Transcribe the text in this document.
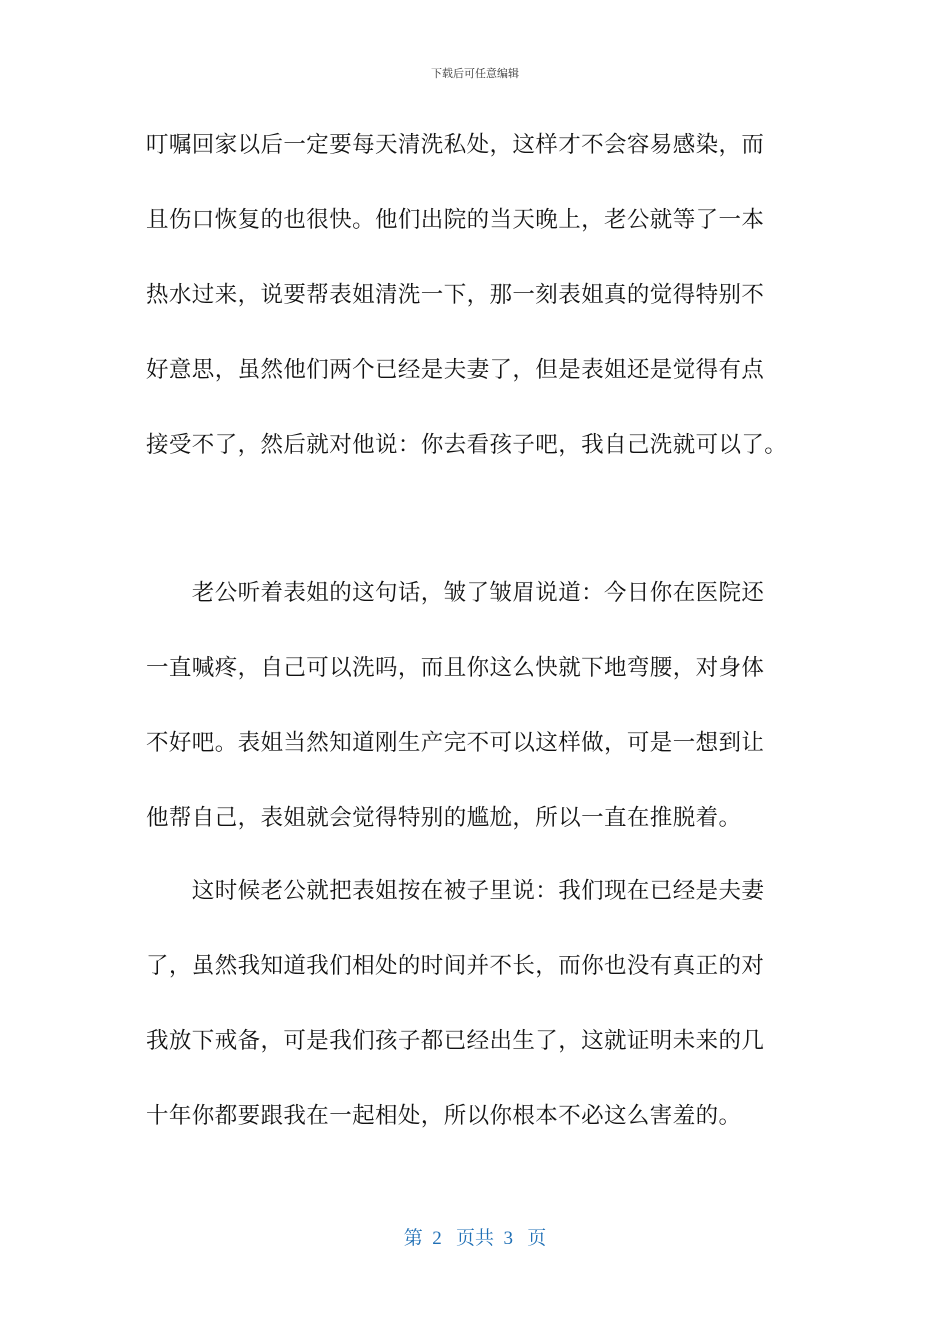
下载后可任意编辑
叮嘱回家以后一定要每天清洗私处，这样才不会容易感染，而
且伤口恢复的也很快。他们出院的当天晚上，老公就等了一本
热水过来，说要帮表姐清洗一下，那一刻表姐真的觉得特别不
好意思，虽然他们两个已经是夫妻了，但是表姐还是觉得有点
接受不了，然后就对他说：你去看孩子吧，我自己洗就可以了。
　　老公听着表姐的这句话，皱了皱眉说道：今日你在医院还
一直喊疼，自己可以洗吗，而且你这么快就下地弯腰，对身体
不好吧。表姐当然知道刚生产完不可以这样做，可是一想到让
他帮自己，表姐就会觉得特别的尴尬，所以一直在推脱着。
　　这时候老公就把表姐按在被子里说：我们现在已经是夫妻
了，虽然我知道我们相处的时间并不长，而你也没有真正的对
我放下戒备，可是我们孩子都已经出生了，这就证明未来的几
十年你都要跟我在一起相处，所以你根本不必这么害羞的。
第  2   页共  3   页
